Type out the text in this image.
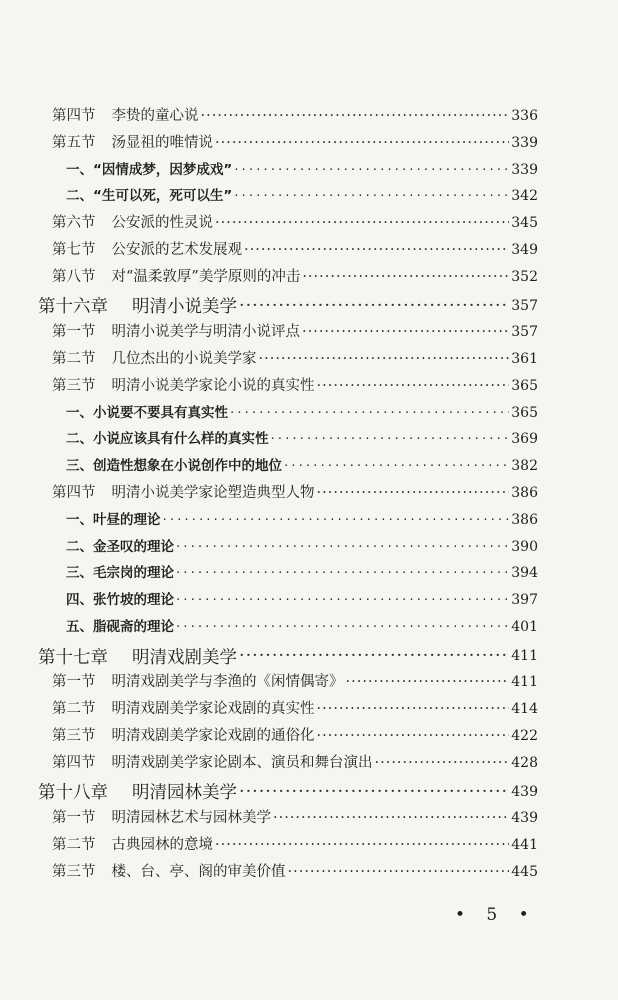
第四节 李贽的童心说 ·····	336
第五节 汤显祖的唯情说 ·····	339
一、“因情成梦，因梦成戏” ·····	339
二、“生可以死，死可以生” ·····	342
第六节 公安派的性灵说 ·····	345
第七节 公安派的艺术发展观 ·····	349
第八节 对“温柔敦厚”美学原则的冲击 ·····	352
第十六章 明清小说美学 ·····	357
第一节 明清小说美学与明清小说评点 ·····	357
第二节 几位杰出的小说美学家 ·····	361
第三节 明清小说美学家论小说的真实性 ·····	365
一、小说要不要具有真实性 ·····	365
二、小说应该具有什么样的真实性 ·····	369
三、创造性想象在小说创作中的地位 ·····	382
第四节 明清小说美学家论塑造典型人物 ·····	386
一、叶昼的理论 ·····	386
二、金圣叹的理论 ·····	390
三、毛宗岗的理论 ·····	394
四、张竹坡的理论 ·····	397
五、脂砚斋的理论 ·····	401
第十七章 明清戏剧美学 ·····	411
第一节 明清戏剧美学与李渔的《闲情偶寄》 ·····	411
第二节 明清戏剧美学家论戏剧的真实性 ·····	414
第三节 明清戏剧美学家论戏剧的通俗化 ·····	422
第四节 明清戏剧美学家论剧本、演员和舞台演出 ·····	428
第十八章 明清园林美学 ·····	439
第一节 明清园林艺术与园林美学 ·····	439
第二节 古典园林的意境 ·····	441
第三节 楼、台、亭、阁的审美价值 ·····	445
• 5 •
